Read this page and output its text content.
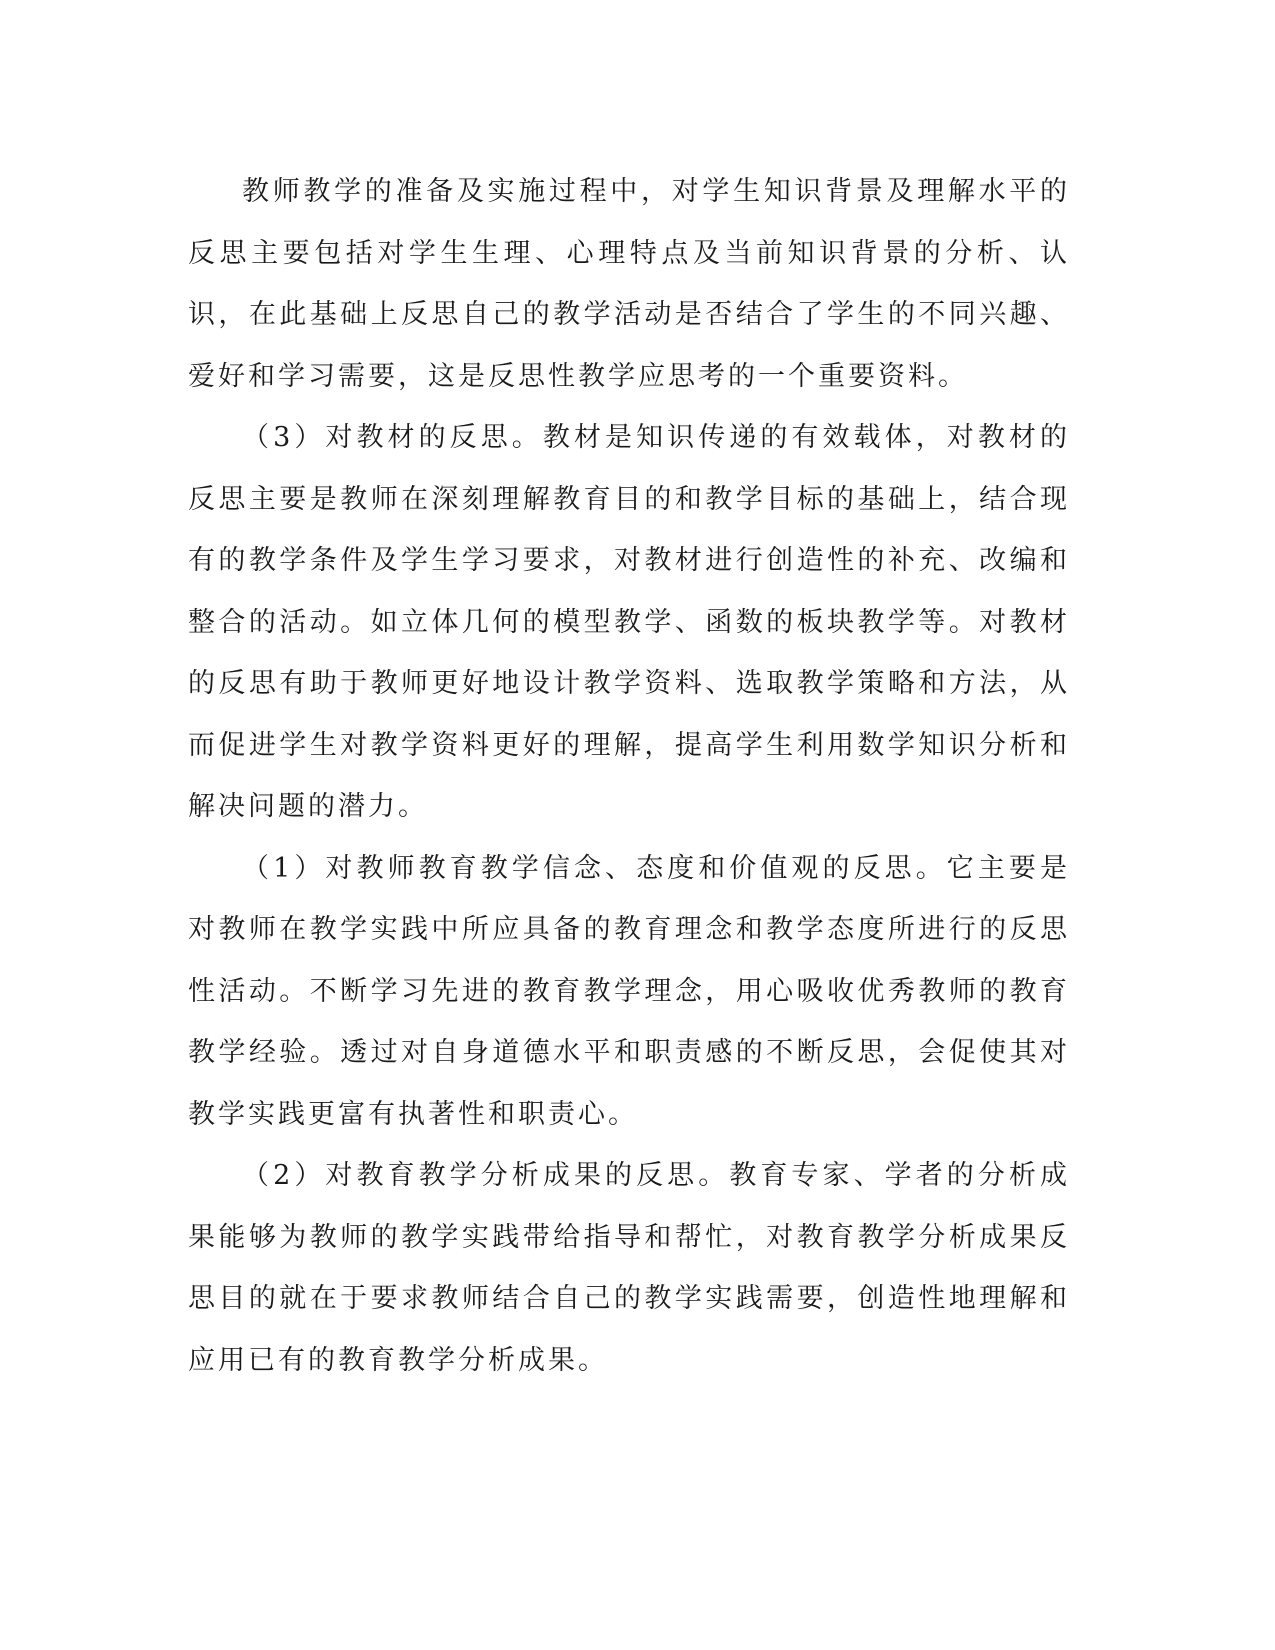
教师教学的准备及实施过程中，对学生知识背景及理解水平的反思主要包括对学生生理、心理特点及当前知识背景的分析、认识，在此基础上反思自己的教学活动是否结合了学生的不同兴趣、爱好和学习需要，这是反思性教学应思考的一个重要资料。

（3）对教材的反思。教材是知识传递的有效载体，对教材的反思主要是教师在深刻理解教育目的和教学目标的基础上，结合现有的教学条件及学生学习要求，对教材进行创造性的补充、改编和整合的活动。如立体几何的模型教学、函数的板块教学等。对教材的反思有助于教师更好地设计教学资料、选取教学策略和方法，从而促进学生对教学资料更好的理解，提高学生利用数学知识分析和解决问题的潜力。

（1）对教师教育教学信念、态度和价值观的反思。它主要是对教师在教学实践中所应具备的教育理念和教学态度所进行的反思性活动。不断学习先进的教育教学理念，用心吸收优秀教师的教育教学经验。透过对自身道德水平和职责感的不断反思，会促使其对教学实践更富有执著性和职责心。

（2）对教育教学分析成果的反思。教育专家、学者的分析成果能够为教师的教学实践带给指导和帮忙，对教育教学分析成果反思目的就在于要求教师结合自己的教学实践需要，创造性地理解和应用已有的教育教学分析成果。
